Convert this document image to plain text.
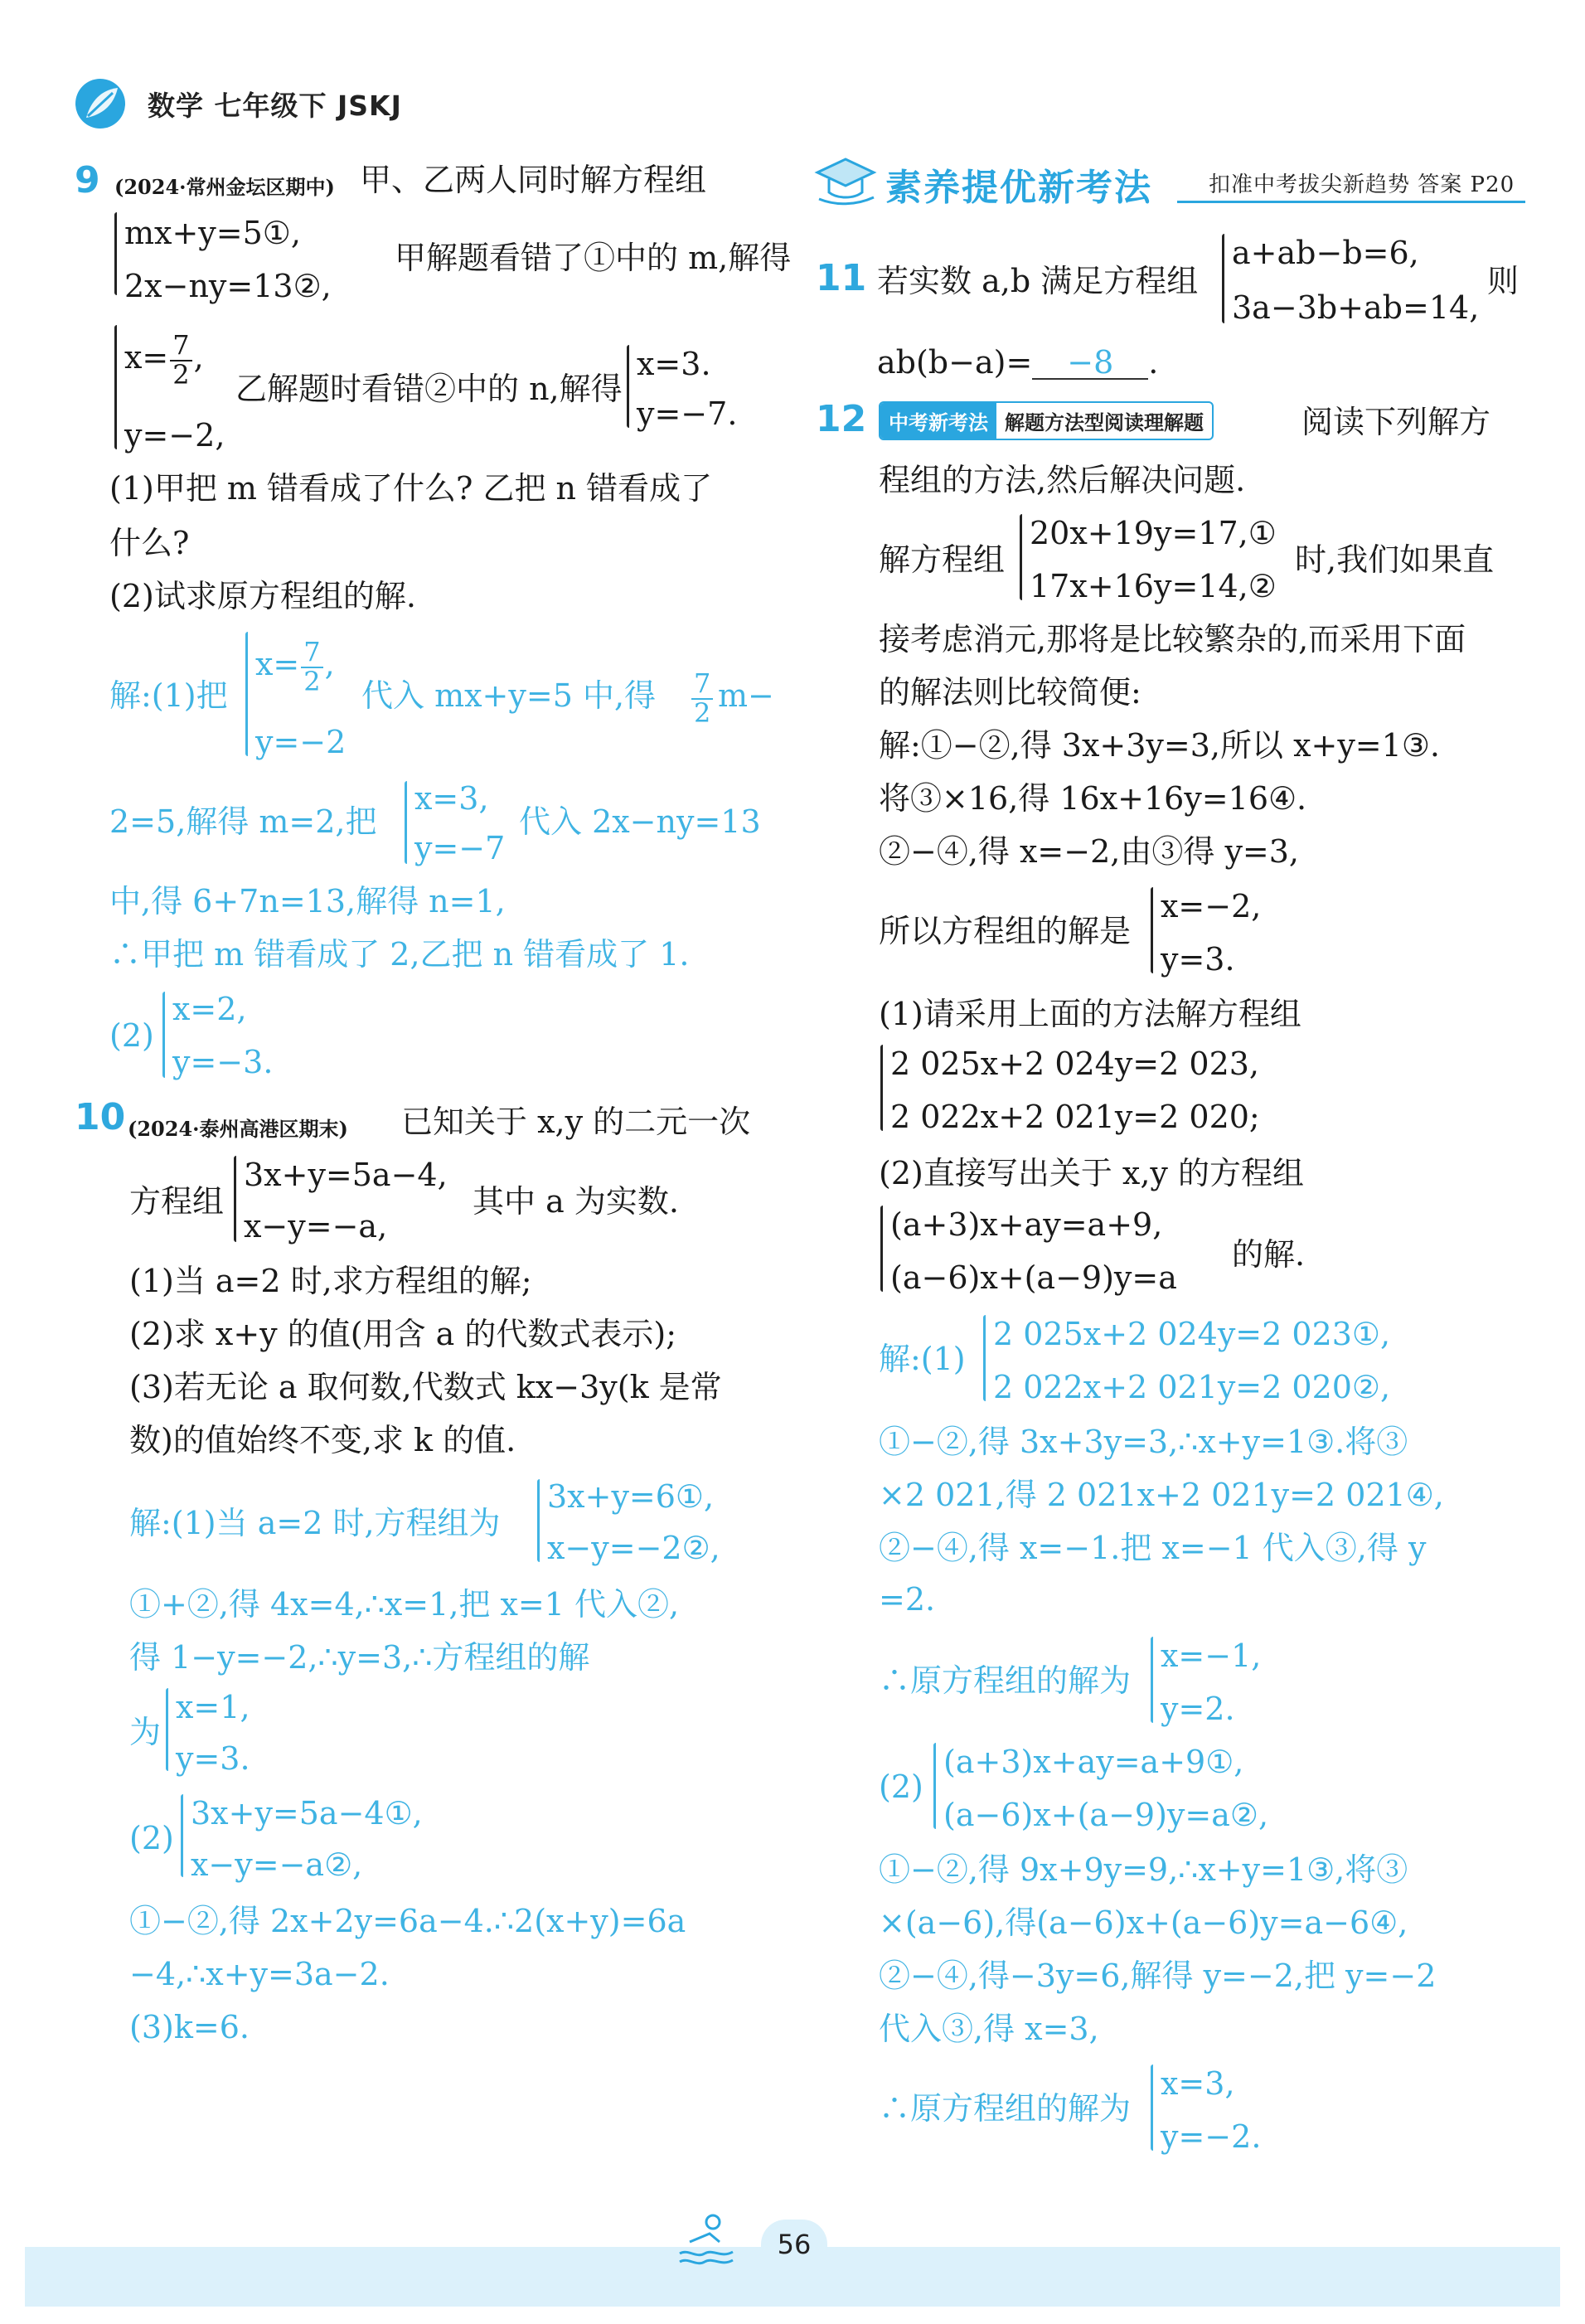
数学 七年级下 JSKJ
9 (2024·常州金坛区期中) 甲、乙两人同时解方程组
mx+y=5①,
2x−ny=13②,
甲解题看错了①中的 m,解得
$x= \frac{7}{2}$ ,
y=−2,
乙解题时看错②中的 n,解得
x=3.
y=−7.
(1)甲把 m 错看成了什么? 乙把 n 错看成了
什么?
(2)试求原方程组的解.
解:(1)把
$x= \frac{7}{2}$ ,
y=−2
代入 mx+y=5 中,得 $\frac{7}{2} m-$
2=5,解得 m=2,把
x=3,
y=−7
代入 2x−ny=13
中,得 6+7n=13,解得 n=1,
∴甲把 m 错看成了 2,乙把 n 错看成了 1.
(2)
x=2,
y=−3.
10 (2024·泰州高港区期末) 已知关于 x,y 的二元一次
方程组
3x+y=5a−4,
x−y=−a,
其中 a 为实数.
(1)当 a=2 时,求方程组的解;
(2)求 x+y 的值(用含 a 的代数式表示);
(3)若无论 a 取何数,代数式 kx−3y(k 是常
数)的值始终不变,求 k 的值.
解:(1)当 a=2 时,方程组为
3x+y=6①,
x−y=−2②,
①+②,得 4x=4,∴x=1,把 x=1 代入②,
得 1−y=−2,∴y=3,∴方程组的解
为
x=1,
y=3.
(2)
3x+y=5a−4①,
x−y=−a②,
①−②,得 2x+2y=6a−4.∴2(x+y)=6a
−4,∴x+y=3a−2.
(3)k=6.
素养提优新考法	扣准中考拔尖新趋势 答案 P20
11 若实数 a,b 满足方程组
a+ab−b=6,
3a−3b+ab=14,
则
ab(b−a)= −8 .
12	中考新考法 解题方法型阅读理解题	阅读下列解方
程组的方法,然后解决问题.
解方程组
20x+19y=17,①
17x+16y=14,②
时,我们如果直
接考虑消元,那将是比较繁杂的,而采用下面
的解法则比较简便:
解:①−②,得 3x+3y=3,所以 x+y=1③.
将③×16,得 16x+16y=16④.
②−④,得 x=−2,由③得 y=3,
所以方程组的解是
x=−2,
y=3.
(1)请采用上面的方法解方程组
2 025x+2 024y=2 023,
2 022x+2 021y=2 020;
(2)直接写出关于 x,y 的方程组
(a+3)x+ay=a+9,
(a−6)x+(a−9)y=a
的解.
解:(1)
2 025x+2 024y=2 023①,
2 022x+2 021y=2 020②,
①−②,得 3x+3y=3,∴x+y=1③.将③
×2 021,得 2 021x+2 021y=2 021④,
②−④,得 x=−1.把 x=−1 代入③,得 y
=2.
∴原方程组的解为
x=−1,
y=2.
(2)
(a+3)x+ay=a+9①,
(a−6)x+(a−9)y=a②,
①−②,得 9x+9y=9,∴x+y=1③,将③
×(a−6),得(a−6)x+(a−6)y=a−6④,
②−④,得−3y=6,解得 y=−2,把 y=−2
代入③,得 x=3,
∴原方程组的解为
x=3,
y=−2.
56
